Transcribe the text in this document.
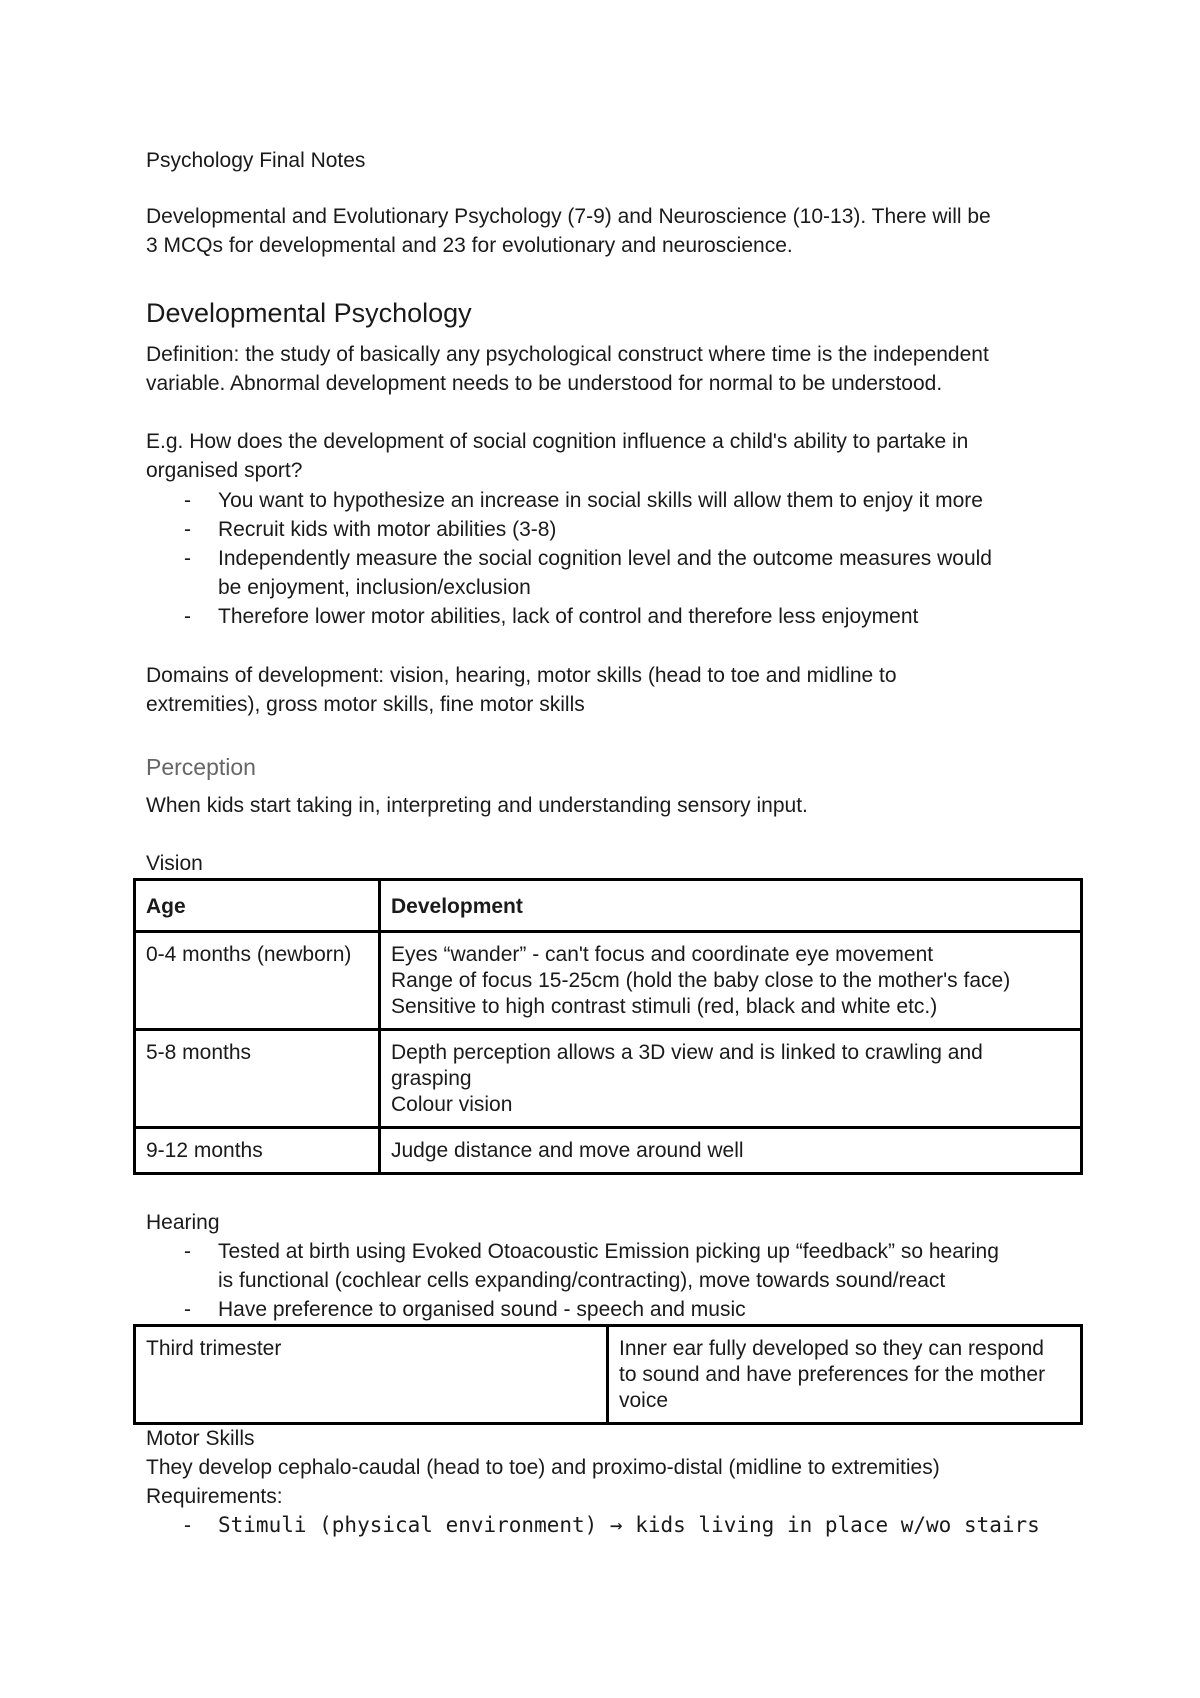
Psychology Final Notes

Developmental and Evolutionary Psychology (7-9) and Neuroscience (10-13). There will be

3 MCQs for developmental and 23 for evolutionary and neuroscience.

Developmental Psychology

Definition: the study of basically any psychological construct where time is the independent

variable. Abnormal development needs to be understood for normal to be understood.

E.g. How does the development of social cognition influence a child's ability to partake in

organised sport?

- You want to hypothesize an increase in social skills will allow them to enjoy it more
- Recruit kids with motor abilities (3-8)
- Independently measure the social cognition level and the outcome measures would
be enjoyment, inclusion/exclusion
- Therefore lower motor abilities, lack of control and therefore less enjoyment

Domains of development: vision, hearing, motor skills (head to toe and midline to

extremities), gross motor skills, fine motor skills

Perception

When kids start taking in, interpreting and understanding sensory input.

Vision

Age	Development
0-4 months (newborn)	Eyes “wander” - can't focus and coordinate eye movement
Range of focus 15-25cm (hold the baby close to the mother's face)
Sensitive to high contrast stimuli (red, black and white etc.)

5-8 months	Depth perception allows a 3D view and is linked to crawling and
grasping
Colour vision

9-12 months	Judge distance and move around well

Hearing

- Tested at birth using Evoked Otoacoustic Emission picking up “feedback” so hearing
is functional (cochlear cells expanding/contracting), move towards sound/react
- Have preference to organised sound - speech and music
Third trimester	Inner ear fully developed so they can respond
to sound and have preferences for the mother
voice

Motor Skills

They develop cephalo-caudal (head to toe) and proximo-distal (midline to extremities)

Requirements:

- Stimuli (physical environment) → kids living in place w/wo stairs
